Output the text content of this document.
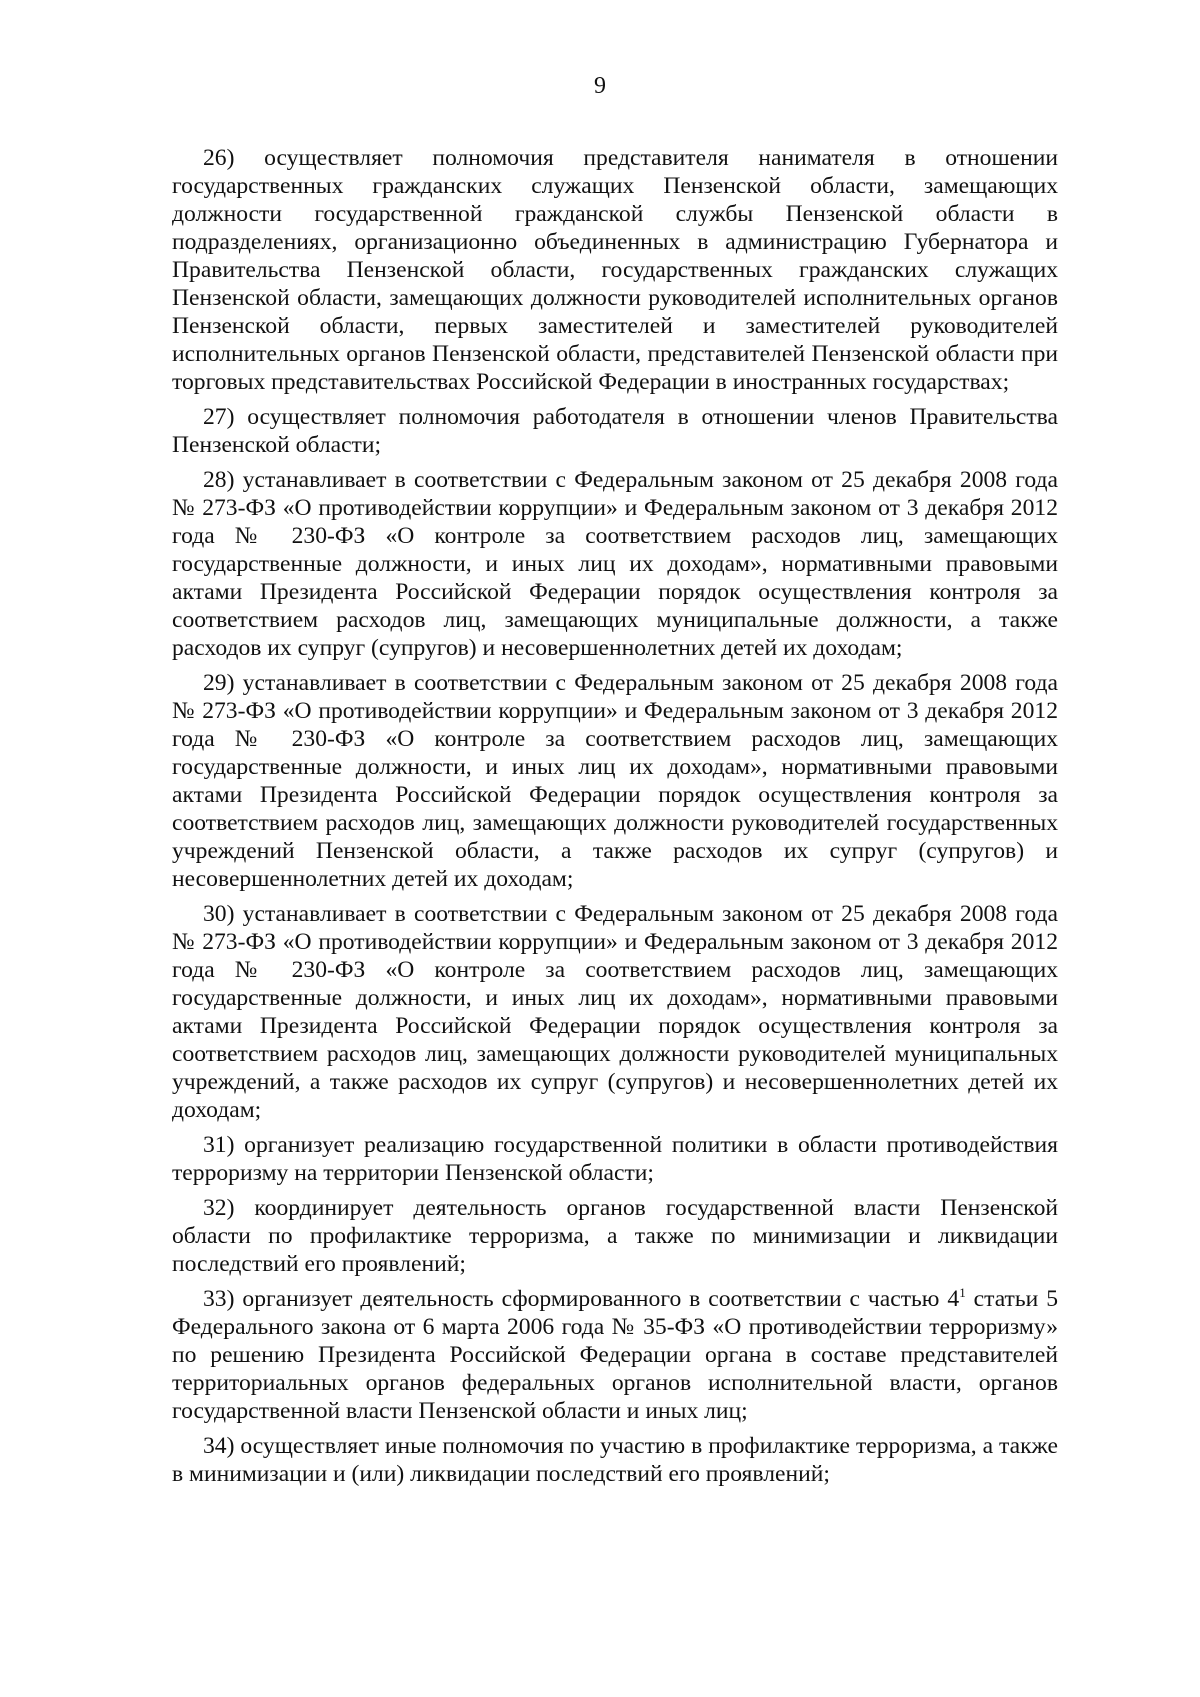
9

26) осуществляет полномочия представителя нанимателя в отношении государственных гражданских служащих Пензенской области, замещающих должности государственной гражданской службы Пензенской области в подразделениях, организационно объединенных в администрацию Губернатора и Правительства Пензенской области, государственных гражданских служащих Пензенской области, замещающих должности руководителей исполнительных органов Пензенской области, первых заместителей и заместителей руководителей исполнительных органов Пензенской области, представителей Пензенской области при торговых представительствах Российской Федерации в иностранных государствах;

27) осуществляет полномочия работодателя в отношении членов Правительства Пензенской области;

28) устанавливает в соответствии с Федеральным законом от 25 декабря 2008 года № 273-ФЗ «О противодействии коррупции» и Федеральным законом от 3 декабря 2012 года № 230-ФЗ «О контроле за соответствием расходов лиц, замещающих государственные должности, и иных лиц их доходам», нормативными правовыми актами Президента Российской Федерации порядок осуществления контроля за соответствием расходов лиц, замещающих муниципальные должности, а также расходов их супруг (супругов) и несовершеннолетних детей их доходам;

29) устанавливает в соответствии с Федеральным законом от 25 декабря 2008 года № 273-ФЗ «О противодействии коррупции» и Федеральным законом от 3 декабря 2012 года № 230-ФЗ «О контроле за соответствием расходов лиц, замещающих государственные должности, и иных лиц их доходам», нормативными правовыми актами Президента Российской Федерации порядок осуществления контроля за соответствием расходов лиц, замещающих должности руководителей государственных учреждений Пензенской области, а также расходов их супруг (супругов) и несовершеннолетних детей их доходам;

30) устанавливает в соответствии с Федеральным законом от 25 декабря 2008 года № 273-ФЗ «О противодействии коррупции» и Федеральным законом от 3 декабря 2012 года № 230-ФЗ «О контроле за соответствием расходов лиц, замещающих государственные должности, и иных лиц их доходам», нормативными правовыми актами Президента Российской Федерации порядок осуществления контроля за соответствием расходов лиц, замещающих должности руководителей муниципальных учреждений, а также расходов их супруг (супругов) и несовершеннолетних детей их доходам;

31) организует реализацию государственной политики в области противодействия терроризму на территории Пензенской области;

32) координирует деятельность органов государственной власти Пензенской области по профилактике терроризма, а также по минимизации и ликвидации последствий его проявлений;

33) организует деятельность сформированного в соответствии с частью $4^1$ статьи 5 Федерального закона от 6 марта 2006 года № 35-ФЗ «О противодействии терроризму» по решению Президента Российской Федерации органа в составе представителей территориальных органов федеральных органов исполнительной власти, органов государственной власти Пензенской области и иных лиц;

34) осуществляет иные полномочия по участию в профилактике терроризма, а также в минимизации и (или) ликвидации последствий его проявлений;
